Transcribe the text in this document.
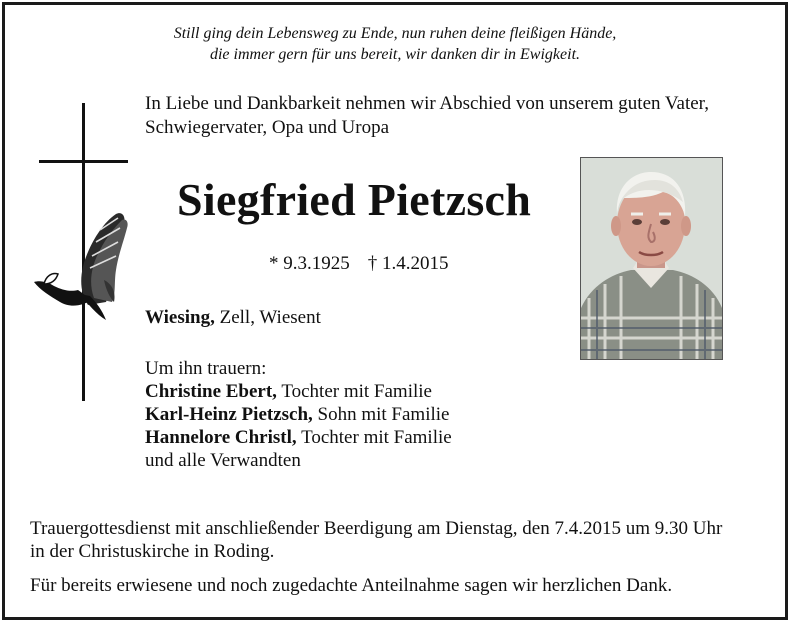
Still ging dein Lebensweg zu Ende, nun ruhen deine fleißigen Hände,
die immer gern für uns bereit, wir danken dir in Ewigkeit.
In Liebe und Dankbarkeit nehmen wir Abschied von unserem guten Vater, Schwiegervater, Opa und Uropa
Siegfried Pietzsch
* 9.3.1925 † 1.4.2015
Wiesing, Zell, Wiesent
Um ihn trauern:
Christine Ebert, Tochter mit Familie
Karl-Heinz Pietzsch, Sohn mit Familie
Hannelore Christl, Tochter mit Familie
und alle Verwandten
Trauergottesdienst mit anschließender Beerdigung am Dienstag, den 7.4.2015 um 9.30 Uhr
in der Christuskirche in Roding.
Für bereits erwiesene und noch zugedachte Anteilnahme sagen wir herzlichen Dank.
